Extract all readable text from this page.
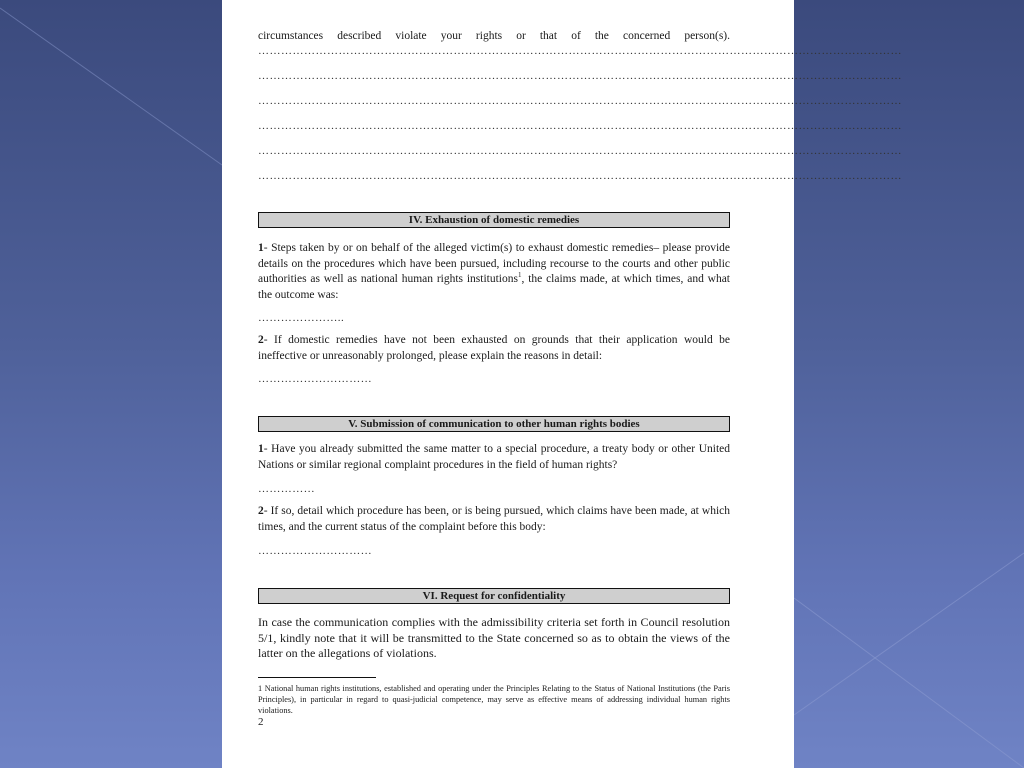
circumstances described violate your rights or that of the concerned person(s).

……………………………………………………………………………………………………………………………………………………

……………………………………………………………………………………………………………………………………………………

……………………………………………………………………………………………………………………………………………………

……………………………………………………………………………………………………………………………………………………

……………………………………………………………………………………………………………………………………………………

……………………………………………………………………………………………………………………………………………………

IV. Exhaustion of domestic remedies

1- Steps taken by or on behalf of the alleged victim(s) to exhaust domestic remedies– please provide details on the procedures which have been pursued, including recourse to the courts and other public authorities as well as national human rights institutions$^1$, the claims made, at which times, and what the outcome was:

…………………..

2- If domestic remedies have not been exhausted on grounds that their application would be ineffective or unreasonably prolonged, please explain the reasons in detail:

…………………………
V. Submission of communication to other human rights bodies

1- Have you already submitted the same matter to a special procedure, a treaty body or other United Nations or similar regional complaint procedures in the field of human rights?

……………

2- If so, detail which procedure has been, or is being pursued, which claims have been made, at which times, and the current status of the complaint before this body:

…………………………
VI. Request for confidentiality

In case the communication complies with the admissibility criteria set forth in Council resolution 5/1, kindly note that it will be transmitted to the State concerned so as to obtain the views of the latter on the allegations of violations.

1 National human rights institutions, established and operating under the Principles Relating to the Status of National Institutions (the Paris Principles), in particular in regard to quasi-judicial competence, may serve as effective means of addressing individual human rights violations.

2
